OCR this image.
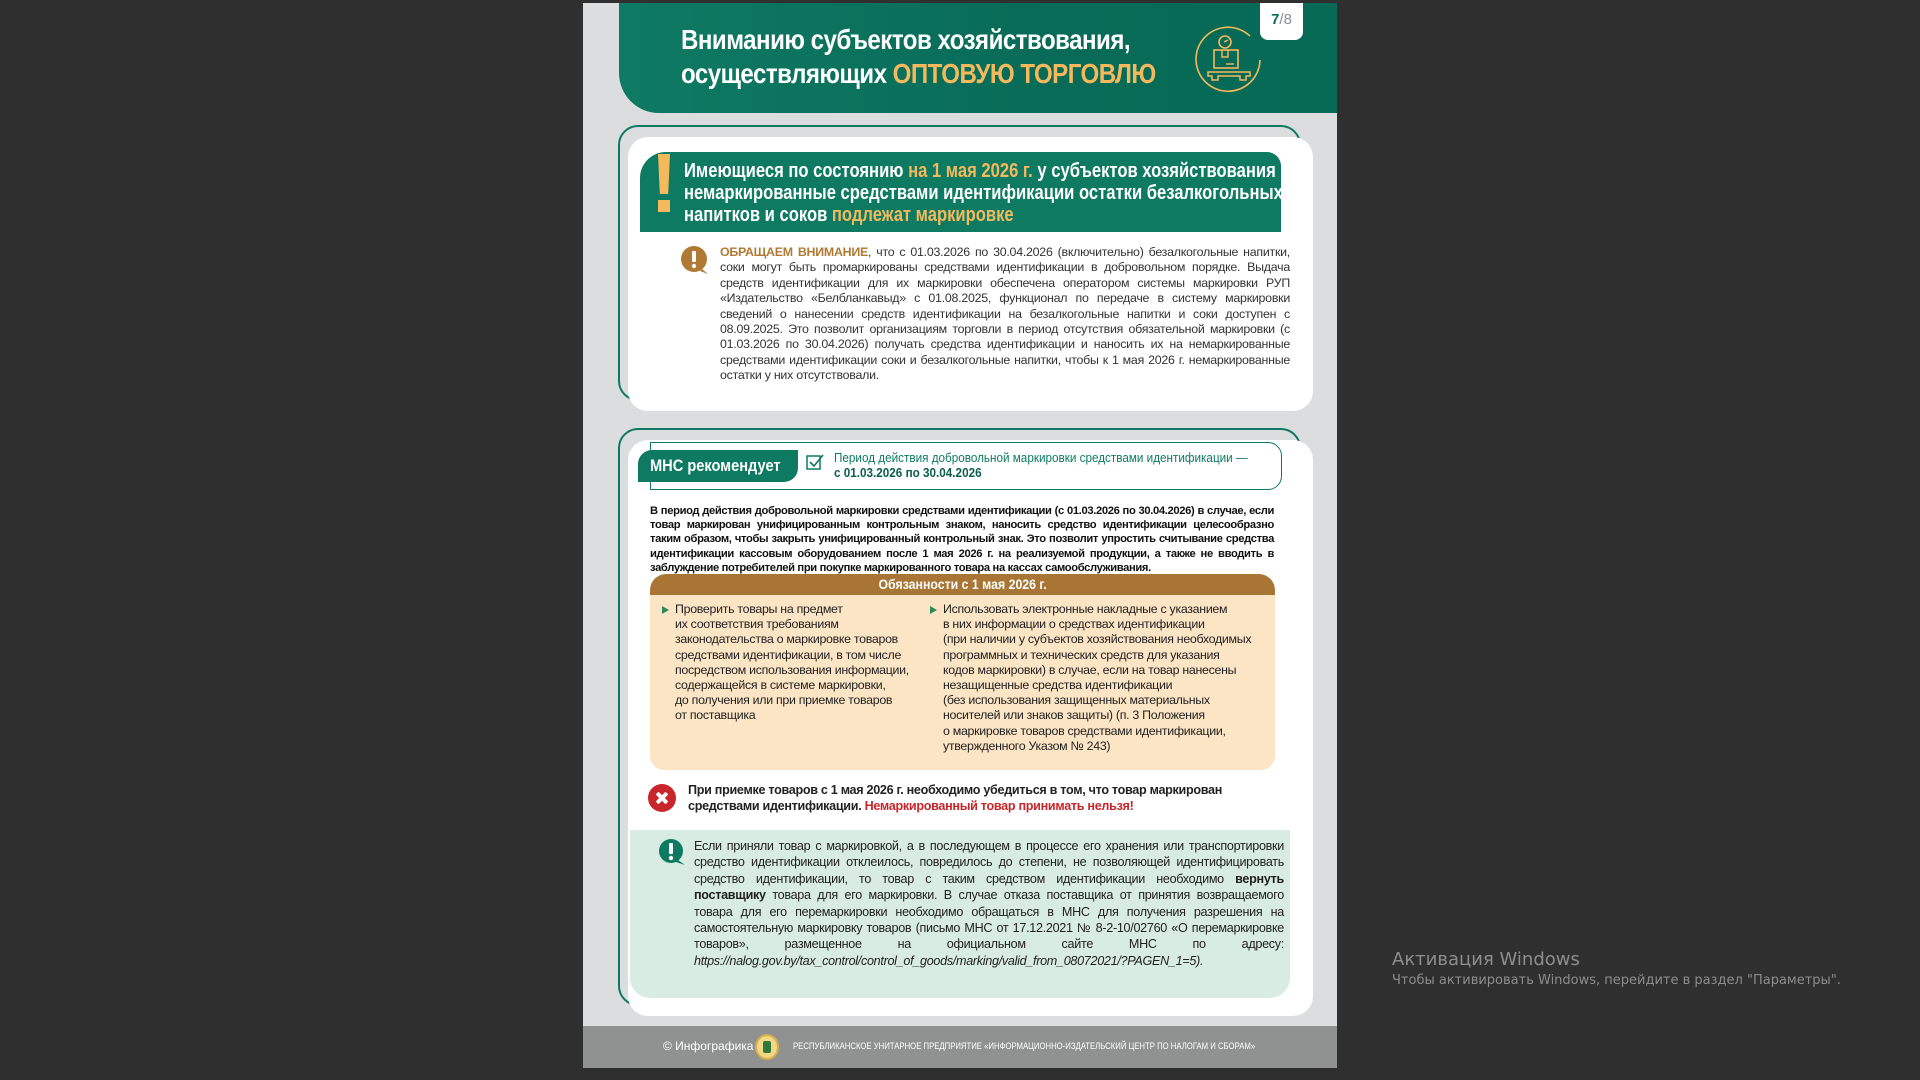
Вниманию субъектов хозяйствования,
осуществляющих ОПТОВУЮ ТОРГОВЛЮ
7/8
Имеющиеся по состоянию на 1 мая 2026 г. у субъектов хозяйствования
немаркированные средствами идентификации остатки безалкогольных
напитков и соков подлежат маркировке
ОБРАЩАЕМ ВНИМАНИЕ, что с 01.03.2026 по 30.04.2026 (включительно) безалкогольные напитки, соки могут быть промаркированы средствами идентификации в добровольном порядке. Выдача средств идентификации для их маркировки обеспечена оператором системы маркировки РУП «Издательство «Белбланкавыд» с 01.08.2025, функционал по передаче в систему маркировки сведений о нанесении средств идентификации на безалкогольные напитки и соки доступен с 08.09.2025. Это позволит организациям торговли в период отсутствия обязательной маркировки (с 01.03.2026 по 30.04.2026) получать средства идентификации и наносить их на немаркированные средствами идентификации соки и безалкогольные напитки, чтобы к 1 мая 2026 г. немаркированные остатки у них отсутствовали.
МНС рекомендует	Период действия добровольной маркировки средствами идентификации —
с 01.03.2026 по 30.04.2026
В период действия добровольной маркировки средствами идентификации (с 01.03.2026 по 30.04.2026) в случае, если товар маркирован унифицированным контрольным знаком, наносить средство идентификации целесообразно таким образом, чтобы закрыть унифицированный контрольный знак. Это позволит упростить считывание средства идентификации кассовым оборудованием после 1 мая 2026 г. на реализуемой продукции, а также не вводить в заблуждение потребителей при покупке маркированного товара на кассах самообслуживания.
Обязанности с 1 мая 2026 г.
Проверить товары на предмет
их соответствия требованиям
законодательства о маркировке товаров
средствами идентификации, в том числе
посредством использования информации,
содержащейся в системе маркировки,
до получения или при приемке товаров
от поставщика
Использовать электронные накладные с указанием
в них информации о средствах идентификации
(при наличии у субъектов хозяйствования необходимых
программных и технических средств для указания
кодов маркировки) в случае, если на товар нанесены
незащищенные средства идентификации
(без использования защищенных материальных
носителей или знаков защиты) (п. 3 Положения
о маркировке товаров средствами идентификации,
утвержденного Указом № 243)
При приемке товаров с 1 мая 2026 г. необходимо убедиться в том, что товар маркирован средствами идентификации. Немаркированный товар принимать нельзя!
Если приняли товар с маркировкой, а в последующем в процессе его хранения или транспортировки средство идентификации отклеилось, повредилось до степени, не позволяющей идентифицировать средство идентификации, то товар с таким средством идентификации необходимо вернуть поставщику товара для его маркировки. В случае отказа поставщика от принятия возвращаемого товара для его перемаркировки необходимо обращаться в МНС для получения разрешения на самостоятельную маркировку товаров (письмо МНС от 17.12.2021 № 8-2-10/02760 «О перемаркировке товаров», размещенное на официальном сайте МНС по адресу: https://nalog.gov.by/tax_control/control_of_goods/marking/valid_from_08072021/?PAGEN_1=5).
© Инфографика	РЕСПУБЛИКАНСКОЕ УНИТАРНОЕ ПРЕДПРИЯТИЕ «ИНФОРМАЦИОННО-ИЗДАТЕЛЬСКИЙ ЦЕНТР ПО НАЛОГАМ И СБОРАМ»
Активация Windows
Чтобы активировать Windows, перейдите в раздел "Параметры".
